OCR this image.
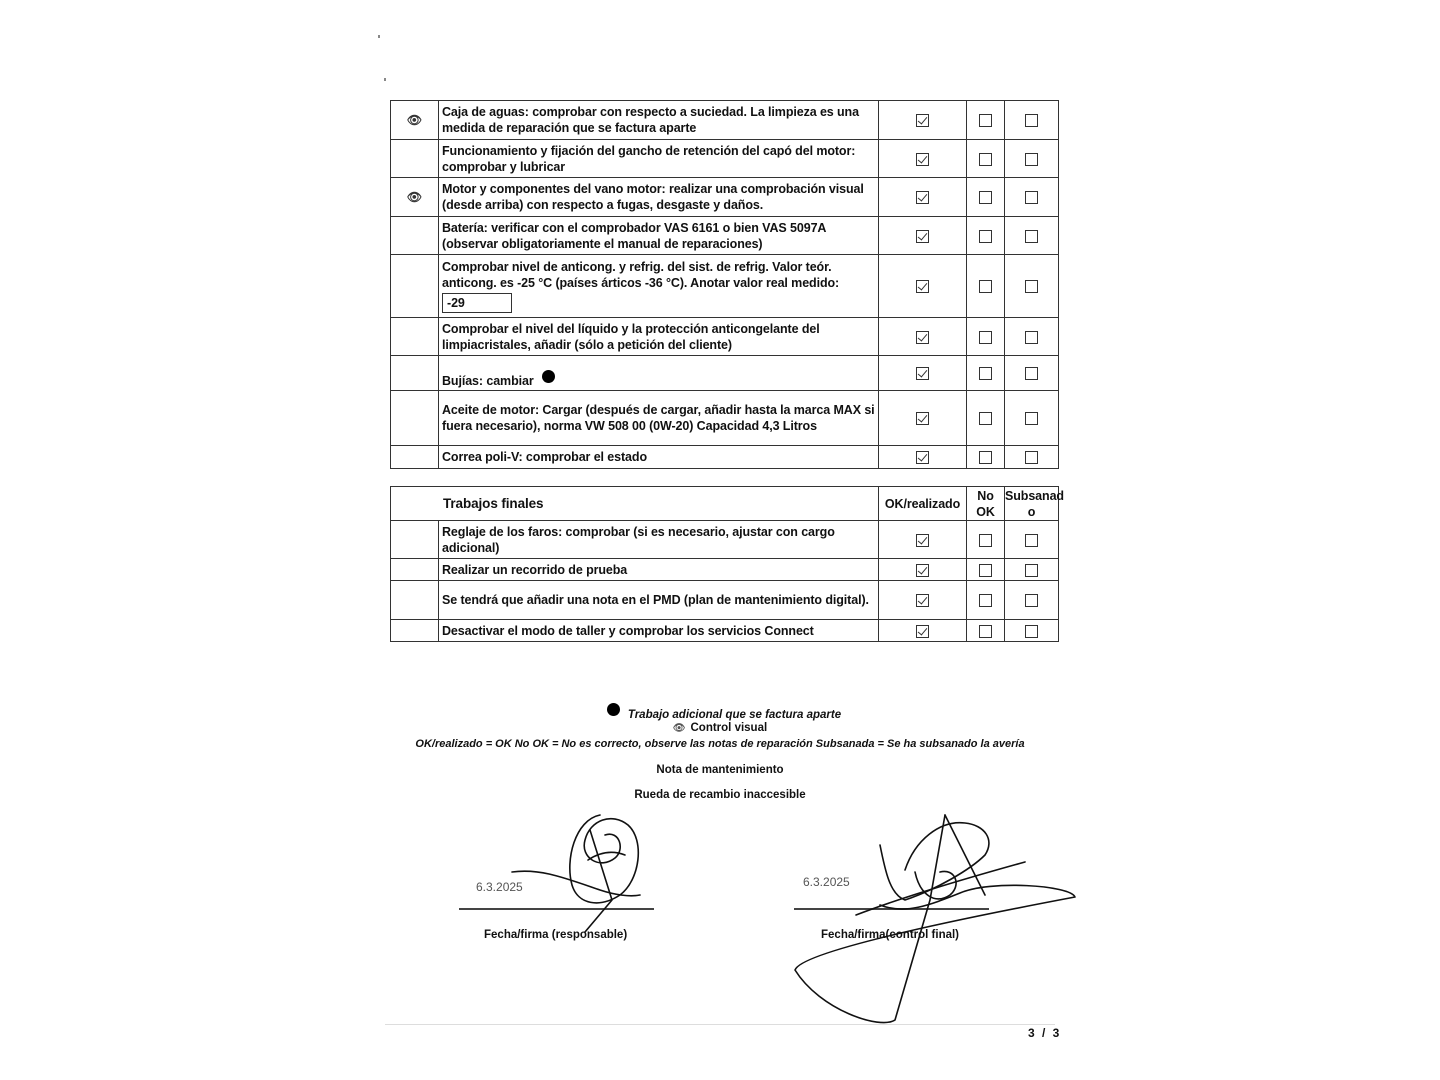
👁	Caja de aguas: comprobar con respecto a suciedad. La limpieza es una medida de reparación que se factura aparte			
	Funcionamiento y fijación del gancho de retención del capó del motor: comprobar y lubricar			
👁	Motor y componentes del vano motor: realizar una comprobación visual (desde arriba) con respecto a fugas, desgaste y daños.			
	Batería: verificar con el comprobador VAS 6161 o bien VAS 5097A (observar obligatoriamente el manual de reparaciones)			
	Comprobar nivel de anticong. y refrig. del sist. de refrig. Valor teór. anticong. es -25 °C (países árticos -36 °C). Anotar valor real medido:
-29			
	Comprobar el nivel del líquido y la protección anticongelante del limpiacristales, añadir (sólo a petición del cliente)			
	Bujías: cambiar			
	Aceite de motor: Cargar (después de cargar, añadir hasta la marca MAX si fuera necesario), norma VW 508 00 (0W-20) Capacidad 4,3 Litros			
	Correa poli-V: comprobar el estado			
Trabajos finales		OK/realizado	No OK	Subsanad o
	Reglaje de los faros: comprobar (si es necesario, ajustar con cargo adicional)			
	Realizar un recorrido de prueba			
	Se tendrá que añadir una nota en el PMD (plan de mantenimiento digital).			
	Desactivar el modo de taller y comprobar los servicios Connect			
Trabajo adicional que se factura aparte
👁 Control visual
OK/realizado = OK No OK = No es correcto, observe las notas de reparación Subsanada = Se ha subsanado la avería
Nota de mantenimiento
Rueda de recambio inaccesible
6.3.2025
Fecha/firma (responsable)
6.3.2025
Fecha/firma(control final)
3 / 3
